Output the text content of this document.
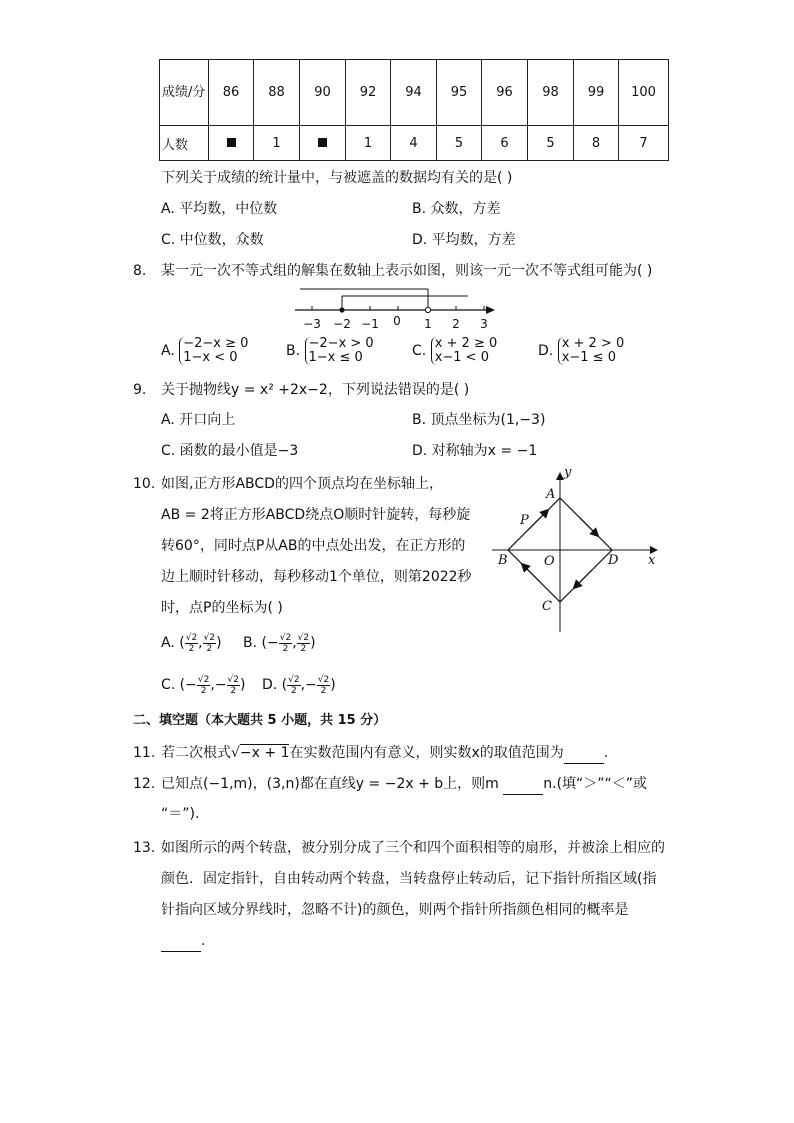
成绩/分	86	88	90	92	94	95	96	98	99	100
人数		1		1	4	5	6	5	8	7
下列关于成绩的统计量中，与被遮盖的数据均有关的是( )
A. 平均数，中位数	B. 众数，方差
C. 中位数，众数	D. 平均数，方差
8. 某一元一次不等式组的解集在数轴上表示如图，则该一元一次不等式组可能为( )
−3 −2 −1 0 1 2 3
A. −2−x ≥ 0
1−x < 0	B. −2−x > 0
1−x ≤ 0	C. x + 2 ≥ 0
x−1 < 0	D. x + 2 > 0
x−1 ≤ 0
9. 关于抛物线y = x² +2x−2，下列说法错误的是( )
A. 开口向上	B. 顶点坐标为(1,−3)
C. 函数的最小值是−3	D. 对称轴为x = −1
10. 如图,正方形ABCD的四个顶点均在坐标轴上，
AB = 2将正方形ABCD绕点O顺时针旋转，每秒旋
转60°，同时点P从AB的中点处出发，在正方形的
边上顺时针移动，每秒移动1个单位，则第2022秒
时，点P的坐标为( )
A. ( $\frac{√2}{2}$ , $\frac{√2}{2}$ ) B. (− $\frac{√2}{2}$ , $\frac{√2}{2}$ )
C. (− $\frac{√2}{2}$ ,− $\frac{√2}{2}$ ) D. ( $\frac{√2}{2}$ ,− $\frac{√2}{2}$ )
y
A
P
B	O	D x
C
二、填空题（本大题共 5 小题，共 15 分）
11. 若二次根式√−x + 1在实数范围内有意义，则实数x的取值范围为	.
12. 已知点(−1,m)，(3,n)都在直线y = −2x + b上，则m	n.(填“＞”“＜”或
“＝”).
13. 如图所示的两个转盘，被分别分成了三个和四个面积相等的扇形，并被涂上相应的
颜色．固定指针，自由转动两个转盘，当转盘停止转动后，记下指针所指区域(指
针指向区域分界线时，忽略不计)的颜色，则两个指针所指颜色相同的概率是
.
